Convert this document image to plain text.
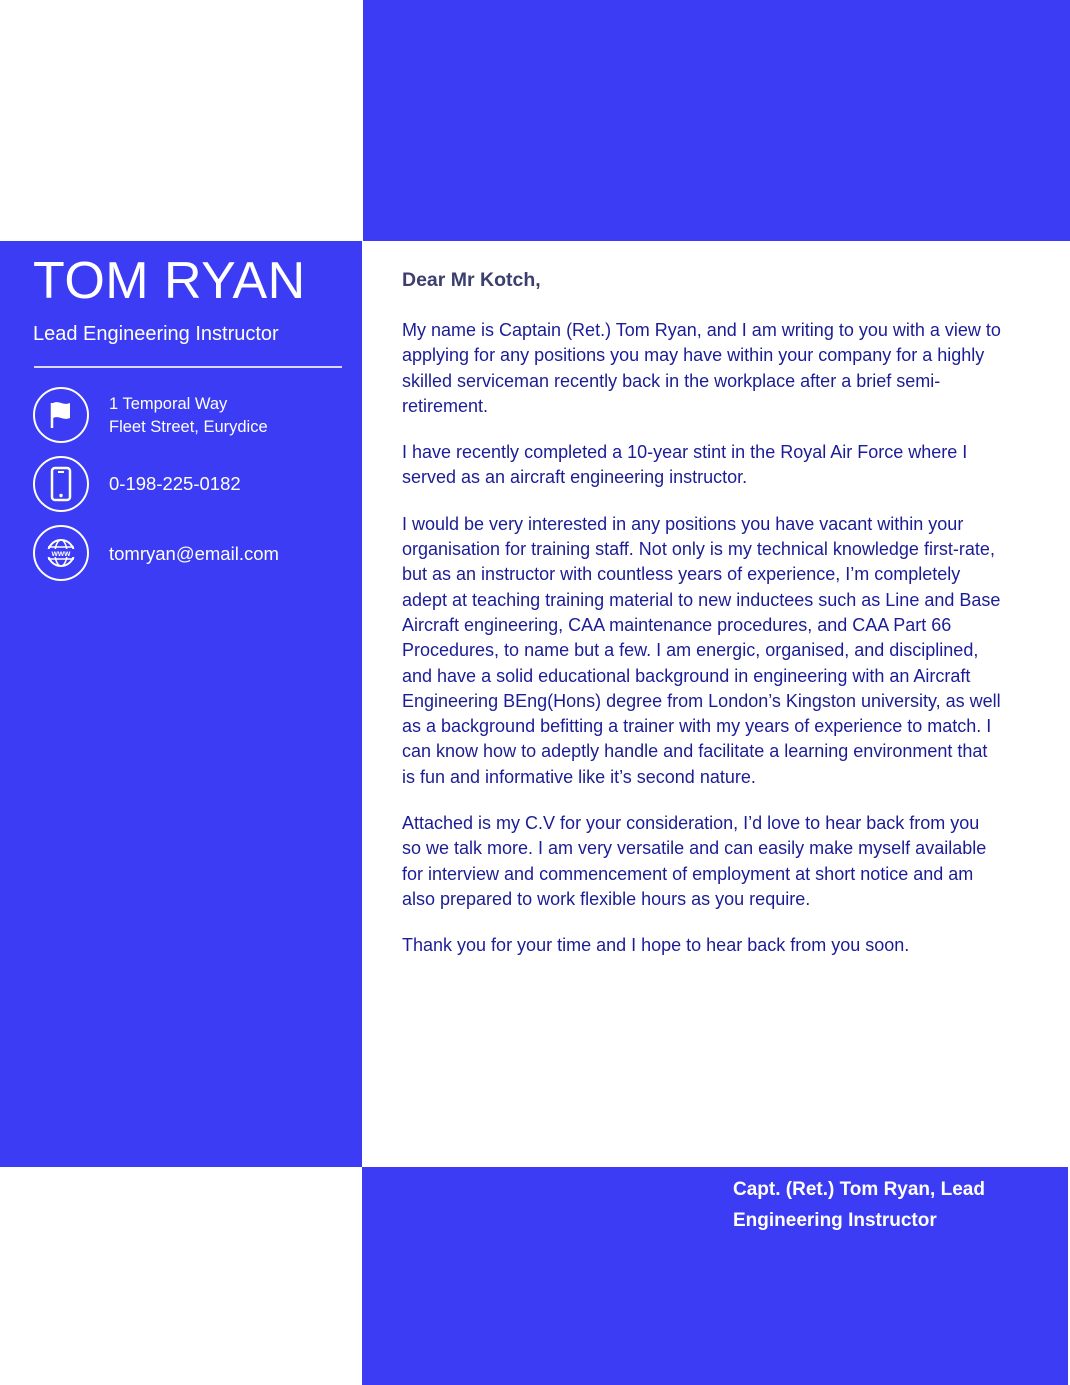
TOM RYAN
Lead Engineering Instructor
1 Temporal Way
Fleet Street, Eurydice
0-198-225-0182
www tomryan@email.com

Dear Mr Kotch,

My name is Captain (Ret.) Tom Ryan, and I am writing to you with a view to applying for any positions you may have within your company for a highly skilled serviceman recently back in the workplace after a brief semi-retirement.

I have recently completed a 10-year stint in the Royal Air Force where I served as an aircraft engineering instructor.

I would be very interested in any positions you have vacant within your organisation for training staff. Not only is my technical knowledge first-rate, but as an instructor with countless years of experience, I’m completely adept at teaching training material to new inductees such as Line and Base Aircraft engineering, CAA maintenance procedures, and CAA Part 66 Procedures, to name but a few. I am energic, organised, and disciplined, and have a solid educational background in engineering with an Aircraft Engineering BEng(Hons) degree from London’s Kingston university, as well as a background befitting a trainer with my years of experience to match. I can know how to adeptly handle and facilitate a learning environment that is fun and informative like it’s second nature.

Attached is my C.V for your consideration, I’d love to hear back from you so we talk more. I am very versatile and can easily make myself available for interview and commencement of employment at short notice and am also prepared to work flexible hours as you require.

Thank you for your time and I hope to hear back from you soon.

Capt. (Ret.) Tom Ryan, Lead
Engineering Instructor
